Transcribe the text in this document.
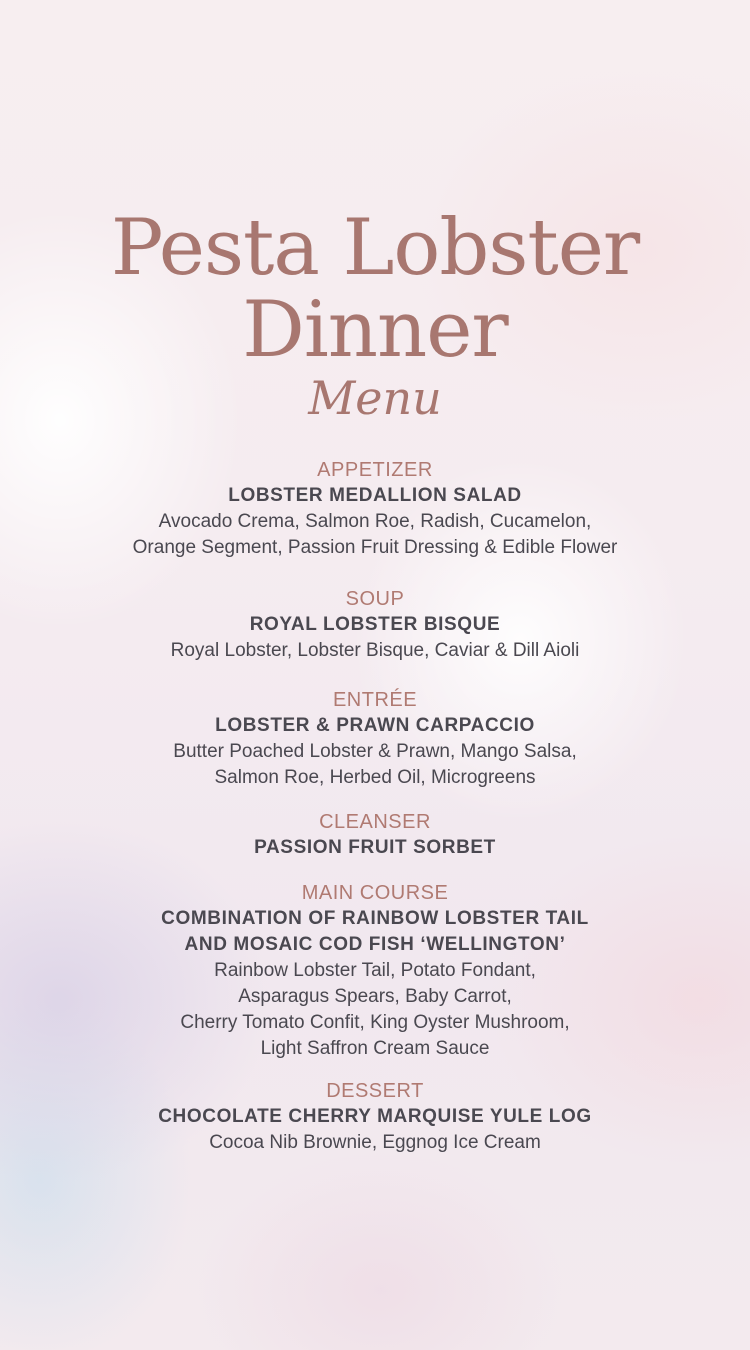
Pesta Lobster
Dinner
Menu
APPETIZER
LOBSTER MEDALLION SALAD
Avocado Crema, Salmon Roe, Radish, Cucamelon,
Orange Segment, Passion Fruit Dressing & Edible Flower
SOUP
ROYAL LOBSTER BISQUE
Royal Lobster, Lobster Bisque, Caviar & Dill Aioli
ENTRÉE
LOBSTER & PRAWN CARPACCIO
Butter Poached Lobster & Prawn, Mango Salsa,
Salmon Roe, Herbed Oil, Microgreens
CLEANSER
PASSION FRUIT SORBET
MAIN COURSE
COMBINATION OF RAINBOW LOBSTER TAIL
AND MOSAIC COD FISH ‘WELLINGTON’
Rainbow Lobster Tail, Potato Fondant,
Asparagus Spears, Baby Carrot,
Cherry Tomato Confit, King Oyster Mushroom,
Light Saffron Cream Sauce
DESSERT
CHOCOLATE CHERRY MARQUISE YULE LOG
Cocoa Nib Brownie, Eggnog Ice Cream
